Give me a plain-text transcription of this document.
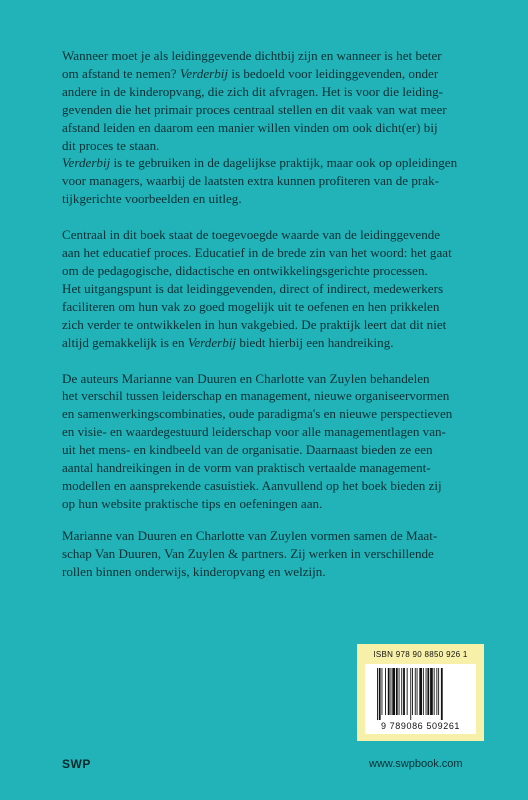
Wanneer moet je als leidinggevende dichtbij zijn en wanneer is het beter
om afstand te nemen? Verderbij is bedoeld voor leidinggevenden, onder
andere in de kinderopvang, die zich dit afvragen. Het is voor die leiding-
gevenden die het primair proces centraal stellen en dit vaak van wat meer
afstand leiden en daarom een manier willen vinden om ook dicht(er) bij
dit proces te staan.
Verderbij is te gebruiken in de dagelijkse praktijk, maar ook op opleidingen
voor managers, waarbij de laatsten extra kunnen profiteren van de prak-
tijkgerichte voorbeelden en uitleg.
Centraal in dit boek staat de toegevoegde waarde van de leidinggevende
aan het educatief proces. Educatief in de brede zin van het woord: het gaat
om de pedagogische, didactische en ontwikkelingsgerichte processen.
Het uitgangspunt is dat leidinggevenden, direct of indirect, medewerkers
faciliteren om hun vak zo goed mogelijk uit te oefenen en hen prikkelen
zich verder te ontwikkelen in hun vakgebied. De praktijk leert dat dit niet
altijd gemakkelijk is en Verderbij biedt hierbij een handreiking.
De auteurs Marianne van Duuren en Charlotte van Zuylen behandelen
het verschil tussen leiderschap en management, nieuwe organiseervormen
en samenwerkingscombinaties, oude paradigma's en nieuwe perspectieven
en visie- en waardegestuurd leiderschap voor alle managementlagen van-
uit het mens- en kindbeeld van de organisatie. Daarnaast bieden ze een
aantal handreikingen in de vorm van praktisch vertaalde management-
modellen en aansprekende casuistiek. Aanvullend op het boek bieden zij
op hun website praktische tips en oefeningen aan.
Marianne van Duuren en Charlotte van Zuylen vormen samen de Maat-
schap Van Duuren, Van Zuylen & partners. Zij werken in verschillende
rollen binnen onderwijs, kinderopvang en welzijn.
ISBN 978 90 8850 926 1
9 789086 509261
SWP	www.swpbook.com
